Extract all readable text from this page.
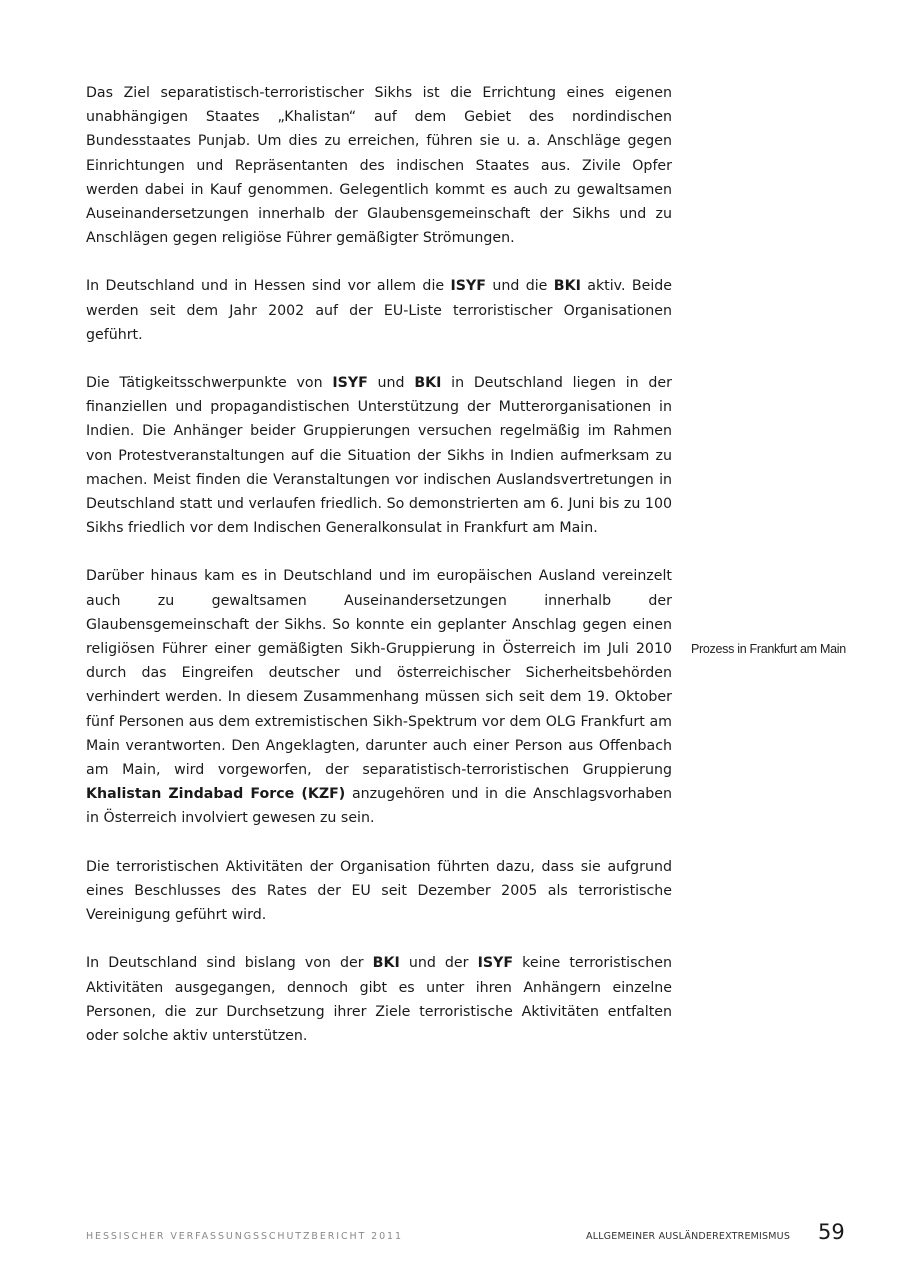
Das Ziel separatistisch-terroristischer Sikhs ist die Errichtung eines eigenen unabhängigen Staates „Khalistan“ auf dem Gebiet des nordindischen Bundesstaates Punjab. Um dies zu erreichen, führen sie u. a. Anschläge gegen Einrichtungen und Repräsentanten des indischen Staates aus. Zivile Opfer werden dabei in Kauf genommen. Gelegentlich kommt es auch zu gewaltsamen Auseinandersetzungen innerhalb der Glaubensgemeinschaft der Sikhs und zu Anschlägen gegen religiöse Führer gemäßigter Strömungen.

In Deutschland und in Hessen sind vor allem die ISYF und die BKI aktiv. Beide werden seit dem Jahr 2002 auf der EU-Liste terroristischer Organisationen geführt.

Die Tätigkeitsschwerpunkte von ISYF und BKI in Deutschland liegen in der finanziellen und propagandistischen Unterstützung der Mutterorganisationen in Indien. Die Anhänger beider Gruppierungen versuchen regelmäßig im Rahmen von Protestveranstaltungen auf die Situation der Sikhs in Indien aufmerksam zu machen. Meist finden die Veranstaltungen vor indischen Auslandsvertretungen in Deutschland statt und verlaufen friedlich. So demonstrierten am 6. Juni bis zu 100 Sikhs friedlich vor dem Indischen Generalkonsulat in Frankfurt am Main.

Darüber hinaus kam es in Deutschland und im europäischen Ausland vereinzelt auch zu gewaltsamen Auseinandersetzungen innerhalb der Glaubensgemeinschaft der Sikhs. So konnte ein geplanter Anschlag gegen einen religiösen Führer einer gemäßigten Sikh-Gruppierung in Österreich im Juli 2010 durch das Eingreifen deutscher und österreichischer Sicherheitsbehörden verhindert werden. In diesem Zusammenhang müssen sich seit dem 19. Oktober fünf Personen aus dem extremistischen Sikh-Spektrum vor dem OLG Frankfurt am Main verantworten. Den Angeklagten, darunter auch einer Person aus Offenbach am Main, wird vorgeworfen, der separatistisch-terroristischen Gruppierung Khalistan Zindabad Force (KZF) anzugehören und in die Anschlagsvorhaben in Österreich involviert gewesen zu sein.

Die terroristischen Aktivitäten der Organisation führten dazu, dass sie aufgrund eines Beschlusses des Rates der EU seit Dezember 2005 als terroristische Vereinigung geführt wird.

In Deutschland sind bislang von der BKI und der ISYF keine terroristischen Aktivitäten ausgegangen, dennoch gibt es unter ihren Anhängern einzelne Personen, die zur Durchsetzung ihrer Ziele terroristische Aktivitäten entfalten oder solche aktiv unterstützen.

Prozess in Frankfurt am Main
HESSISCHER VERFASSUNGSSCHUTZBERICHT 2011	ALLGEMEINER AUSLÄNDEREXTREMISMUS 59
